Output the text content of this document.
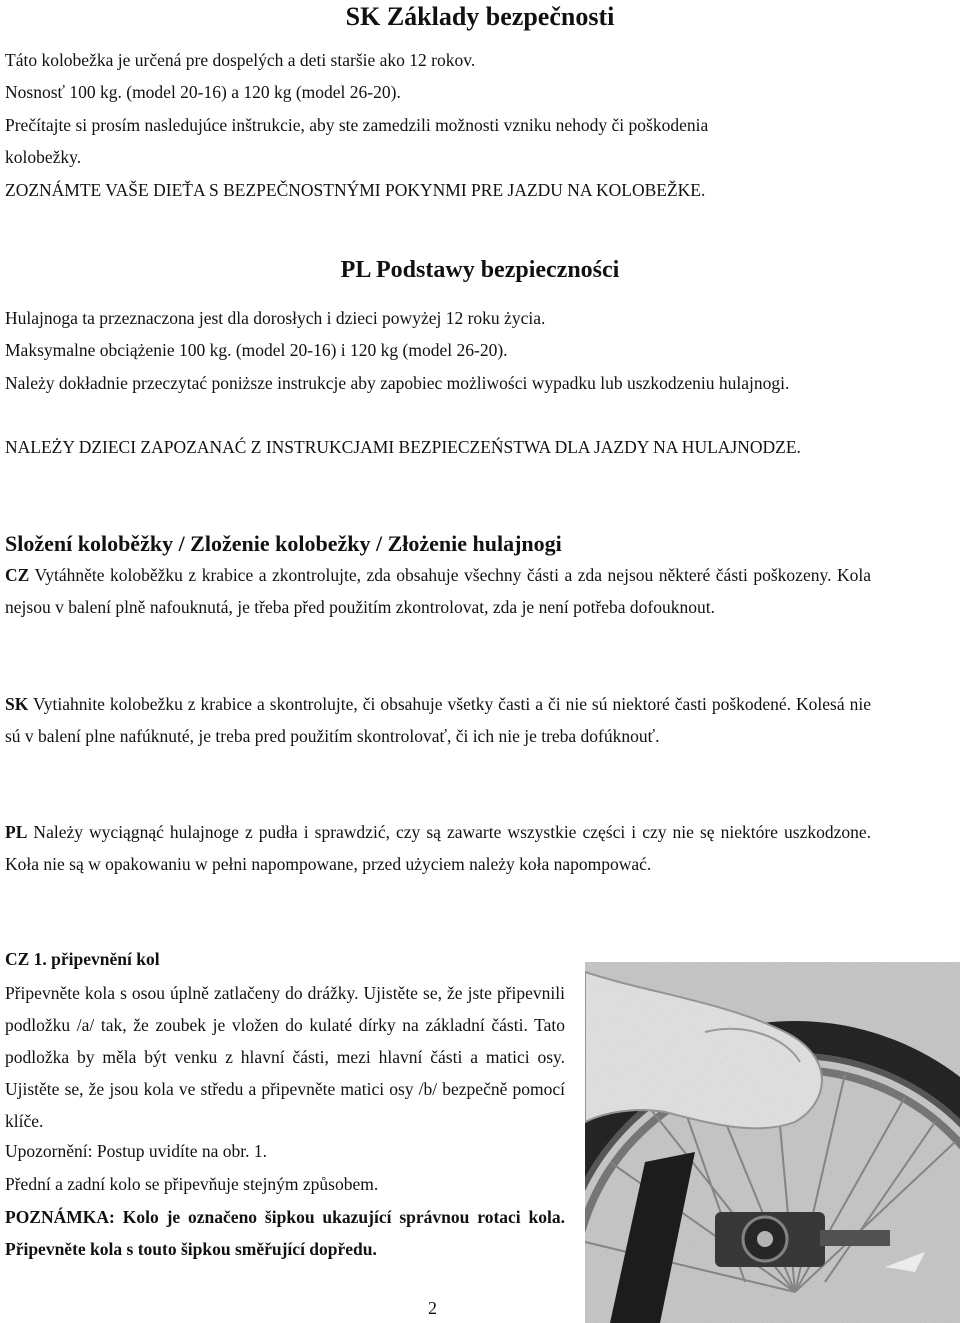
SK Základy bezpečnosti

Táto kolobežka je určená pre dospelých a deti staršie ako 12 rokov.

Nosnosť 100 kg. (model 20-16) a 120 kg (model 26-20).

Prečítajte si prosím nasledujúce inštrukcie, aby ste zamedzili možnosti vzniku nehody či poškodenia

kolobežky.

ZOZNÁMTE VAŠE DIEŤA S BEZPEČNOSTNÝMI POKYNMI PRE JAZDU NA KOLOBEŽKE.

PL Podstawy bezpieczności

Hulajnoga ta przeznaczona jest dla dorosłych i dzieci powyżej 12 roku życia.

Maksymalne obciążenie 100 kg. (model 20-16) i 120 kg (model 26-20).

Należy dokładnie przeczytać poniższe instrukcje aby zapobiec możliwości wypadku lub uszkodzeniu hulajnogi.

NALEŻY DZIECI ZAPOZANAĆ Z INSTRUKCJAMI BEZPIECZEŃSTWA DLA JAZDY NA HULAJNODZE.

Složení koloběžky / Zloženie kolobežky / Złożenie hulajnogi

CZ Vytáhněte koloběžku z krabice a zkontrolujte, zda obsahuje všechny části a zda nejsou některé části poškozeny. Kola nejsou v balení plně nafouknutá, je třeba před použitím zkontrolovat, zda je není potřeba dofouknout.

SK Vytiahnite kolobežku z krabice a skontrolujte, či obsahuje všetky časti a či nie sú niektoré časti poškodené. Kolesá nie sú v balení plne nafúknuté, je treba pred použitím skontrolovať, či ich nie je treba dofúknouť.

PL Należy wyciągnąć hulajnoge z pudła i sprawdzić, czy są zawarte wszystkie części i czy nie sę niektóre uszkodzone. Koła nie są w opakowaniu w pełni napompowane, przed użyciem należy koła napompować.

CZ 1. připevnění kol

Připevněte kola s osou úplně zatlačeny do drážky. Ujistěte se, že jste připevnili podložku /a/ tak, že zoubek je vložen do kulaté dírky na základní části. Tato podložka by měla být venku z hlavní části, mezi hlavní části a matici osy. Ujistěte se, že jsou kola ve středu a připevněte matici osy /b/ bezpečně pomocí klíče.

Upozornění: Postup uvidíte na obr. 1.

Přední a zadní kolo se připevňuje stejným způsobem.

POZNÁMKA: Kolo je označeno šipkou ukazující správnou rotaci kola. Připevněte kola s touto šipkou směřující dopředu.

2
